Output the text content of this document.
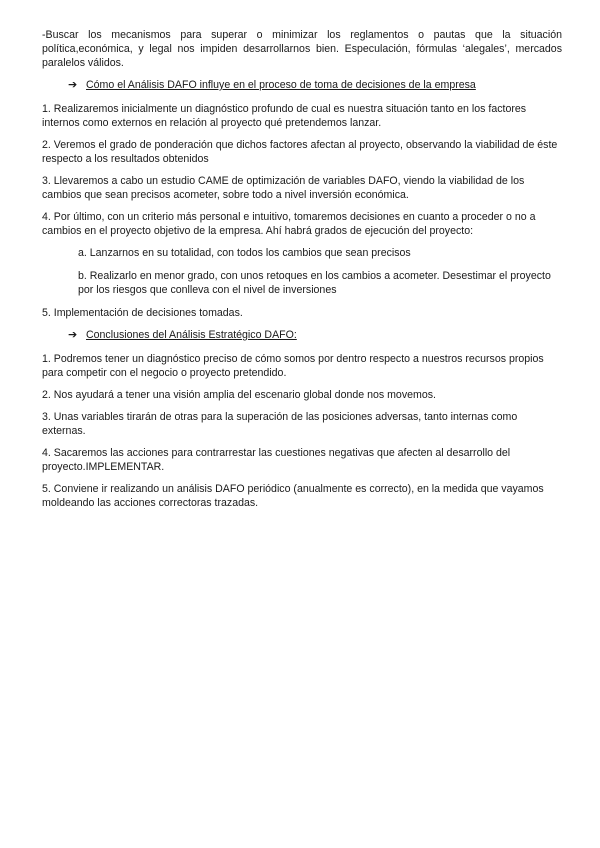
-Buscar los mecanismos para superar o minimizar los reglamentos o pautas que la situación política,económica, y legal nos impiden desarrollarnos bien. Especulación, fórmulas ‘alegales’, mercados paralelos válidos.

➔ Cómo el Análisis DAFO influye en el proceso de toma de decisiones de la empresa

1. Realizaremos inicialmente un diagnóstico profundo de cual es nuestra situación tanto en los factores internos como externos en relación al proyecto qué pretendemos lanzar.

2. Veremos el grado de ponderación que dichos factores afectan al proyecto, observando la viabilidad de éste respecto a los resultados obtenidos

3. Llevaremos a cabo un estudio CAME de optimización de variables DAFO, viendo la viabilidad de los cambios que sean precisos acometer, sobre todo a nivel inversión económica.

4. Por último, con un criterio más personal e intuitivo, tomaremos decisiones en cuanto a proceder o no a cambios en el proyecto objetivo de la empresa. Ahí habrá grados de ejecución del proyecto:

a. Lanzarnos en su totalidad, con todos los cambios que sean precisos

b. Realizarlo en menor grado, con unos retoques en los cambios a acometer. Desestimar el proyecto por los riesgos que conlleva con el nivel de inversiones

5. Implementación de decisiones tomadas.

➔ Conclusiones del Análisis Estratégico DAFO:

1. Podremos tener un diagnóstico preciso de cómo somos por dentro respecto a nuestros recursos propios para competir con el negocio o proyecto pretendido.

2. Nos ayudará a tener una visión amplia del escenario global donde nos movemos.

3. Unas variables tirarán de otras para la superación de las posiciones adversas, tanto internas como externas.

4. Sacaremos las acciones para contrarrestar las cuestiones negativas que afecten al desarrollo del proyecto.IMPLEMENTAR.

5. Conviene ir realizando un análisis DAFO periódico (anualmente es correcto), en la medida que vayamos moldeando las acciones correctoras trazadas.
